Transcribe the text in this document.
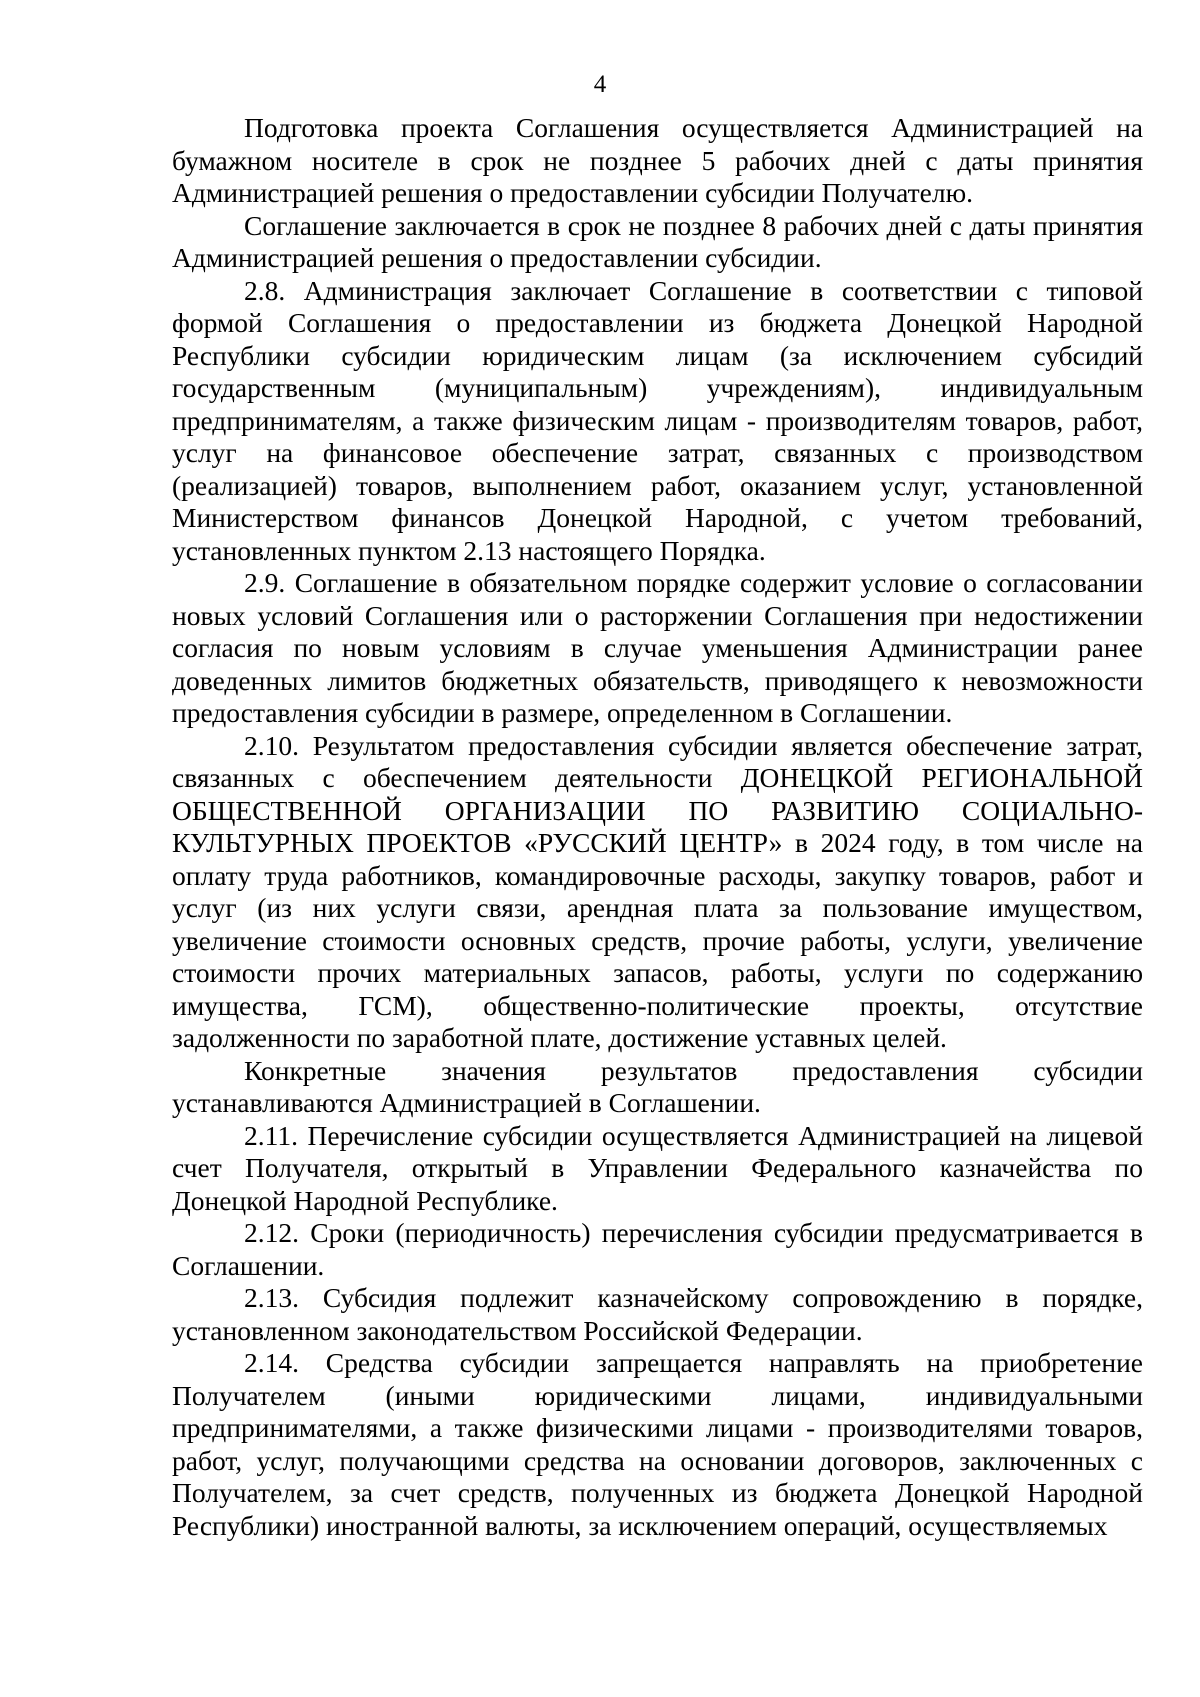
4

Подготовка проекта Соглашения осуществляется Администрацией на бумажном носителе в срок не позднее 5 рабочих дней с даты принятия Администрацией решения о предоставлении субсидии Получателю.

Соглашение заключается в срок не позднее 8 рабочих дней с даты принятия Администрацией решения о предоставлении субсидии.

2.8. Администрация заключает Соглашение в соответствии с типовой формой Соглашения о предоставлении из бюджета Донецкой Народной Республики субсидии юридическим лицам (за исключением субсидий государственным (муниципальным) учреждениям), индивидуальным предпринимателям, а также физическим лицам - производителям товаров, работ, услуг на финансовое обеспечение затрат, связанных с производством (реализацией) товаров, выполнением работ, оказанием услуг, установленной Министерством финансов Донецкой Народной, с учетом требований, установленных пунктом 2.13 настоящего Порядка.

2.9. Соглашение в обязательном порядке содержит условие о согласовании новых условий Соглашения или о расторжении Соглашения при недостижении согласия по новым условиям в случае уменьшения Администрации ранее доведенных лимитов бюджетных обязательств, приводящего к невозможности предоставления субсидии в размере, определенном в Соглашении.

2.10. Результатом предоставления субсидии является обеспечение затрат, связанных с обеспечением деятельности ДОНЕЦКОЙ РЕГИОНАЛЬНОЙ ОБЩЕСТВЕННОЙ ОРГАНИЗАЦИИ ПО РАЗВИТИЮ СОЦИАЛЬНО-КУЛЬТУРНЫХ ПРОЕКТОВ «РУССКИЙ ЦЕНТР» в 2024 году, в том числе на оплату труда работников, командировочные расходы, закупку товаров, работ и услуг (из них услуги связи, арендная плата за пользование имуществом, увеличение стоимости основных средств, прочие работы, услуги, увеличение стоимости прочих материальных запасов, работы, услуги по содержанию имущества, ГСМ), общественно-политические проекты, отсутствие задолженности по заработной плате, достижение уставных целей.

Конкретные значения результатов предоставления субсидии устанавливаются Администрацией в Соглашении.

2.11. Перечисление субсидии осуществляется Администрацией на лицевой счет Получателя, открытый в Управлении Федерального казначейства по Донецкой Народной Республике.

2.12. Сроки (периодичность) перечисления субсидии предусматривается в Соглашении.

2.13. Субсидия подлежит казначейскому сопровождению в порядке, установленном законодательством Российской Федерации.

2.14. Средства субсидии запрещается направлять на приобретение Получателем (иными юридическими лицами, индивидуальными предпринимателями, а также физическими лицами - производителями товаров, работ, услуг, получающими средства на основании договоров, заключенных с Получателем, за счет средств, полученных из бюджета Донецкой Народной Республики) иностранной валюты, за исключением операций, осуществляемых
